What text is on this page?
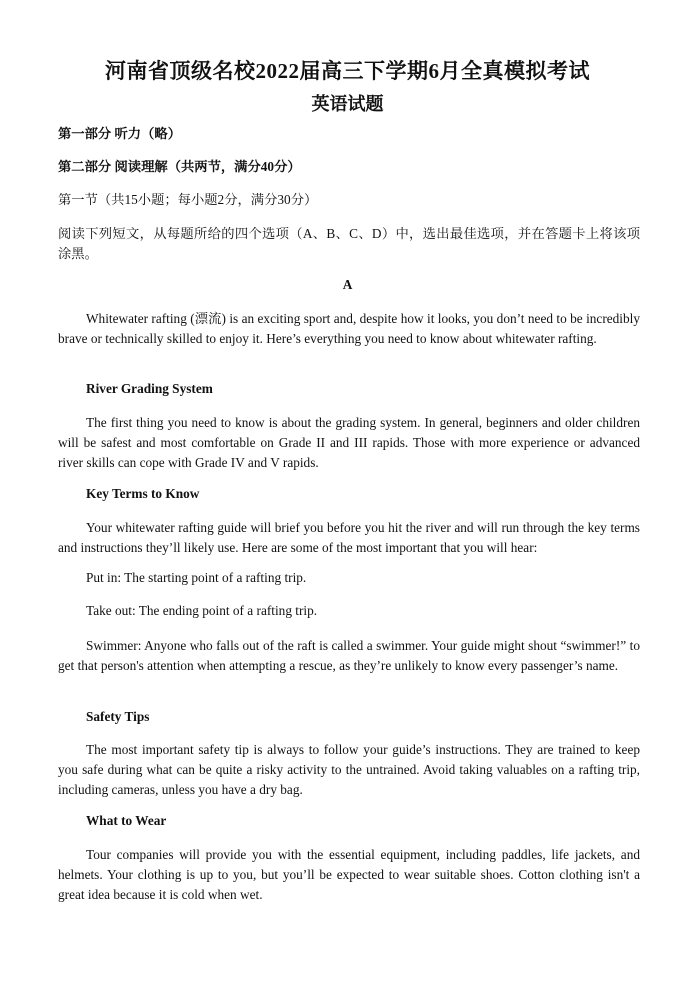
河南省顶级名校2022届高三下学期6月全真模拟考试
英语试题
第一部分 听力（略）
第二部分 阅读理解（共两节，满分40分）
第一节（共15小题；每小题2分，满分30分）
阅读下列短文，从每题所给的四个选项（A、B、C、D）中，选出最佳选项，并在答题卡上将该项涂黑。
A
Whitewater rafting (漂流) is an exciting sport and, despite how it looks, you don’t need to be incredibly brave or technically skilled to enjoy it. Here’s everything you need to know about whitewater rafting.
River Grading System
The first thing you need to know is about the grading system. In general, beginners and older children will be safest and most comfortable on Grade II and III rapids. Those with more experience or advanced river skills can cope with Grade IV and V rapids.
Key Terms to Know
Your whitewater rafting guide will brief you before you hit the river and will run through the key terms and instructions they’ll likely use. Here are some of the most important that you will hear:
Put in: The starting point of a rafting trip.
Take out: The ending point of a rafting trip.
Swimmer: Anyone who falls out of the raft is called a swimmer. Your guide might shout “swimmer!” to get that person's attention when attempting a rescue, as they’re unlikely to know every passenger’s name.
Safety Tips
The most important safety tip is always to follow your guide’s instructions. They are trained to keep you safe during what can be quite a risky activity to the untrained. Avoid taking valuables on a rafting trip, including cameras, unless you have a dry bag.
What to Wear
Tour companies will provide you with the essential equipment, including paddles, life jackets, and helmets. Your clothing is up to you, but you’ll be expected to wear suitable shoes. Cotton clothing isn't a great idea because it is cold when wet.
